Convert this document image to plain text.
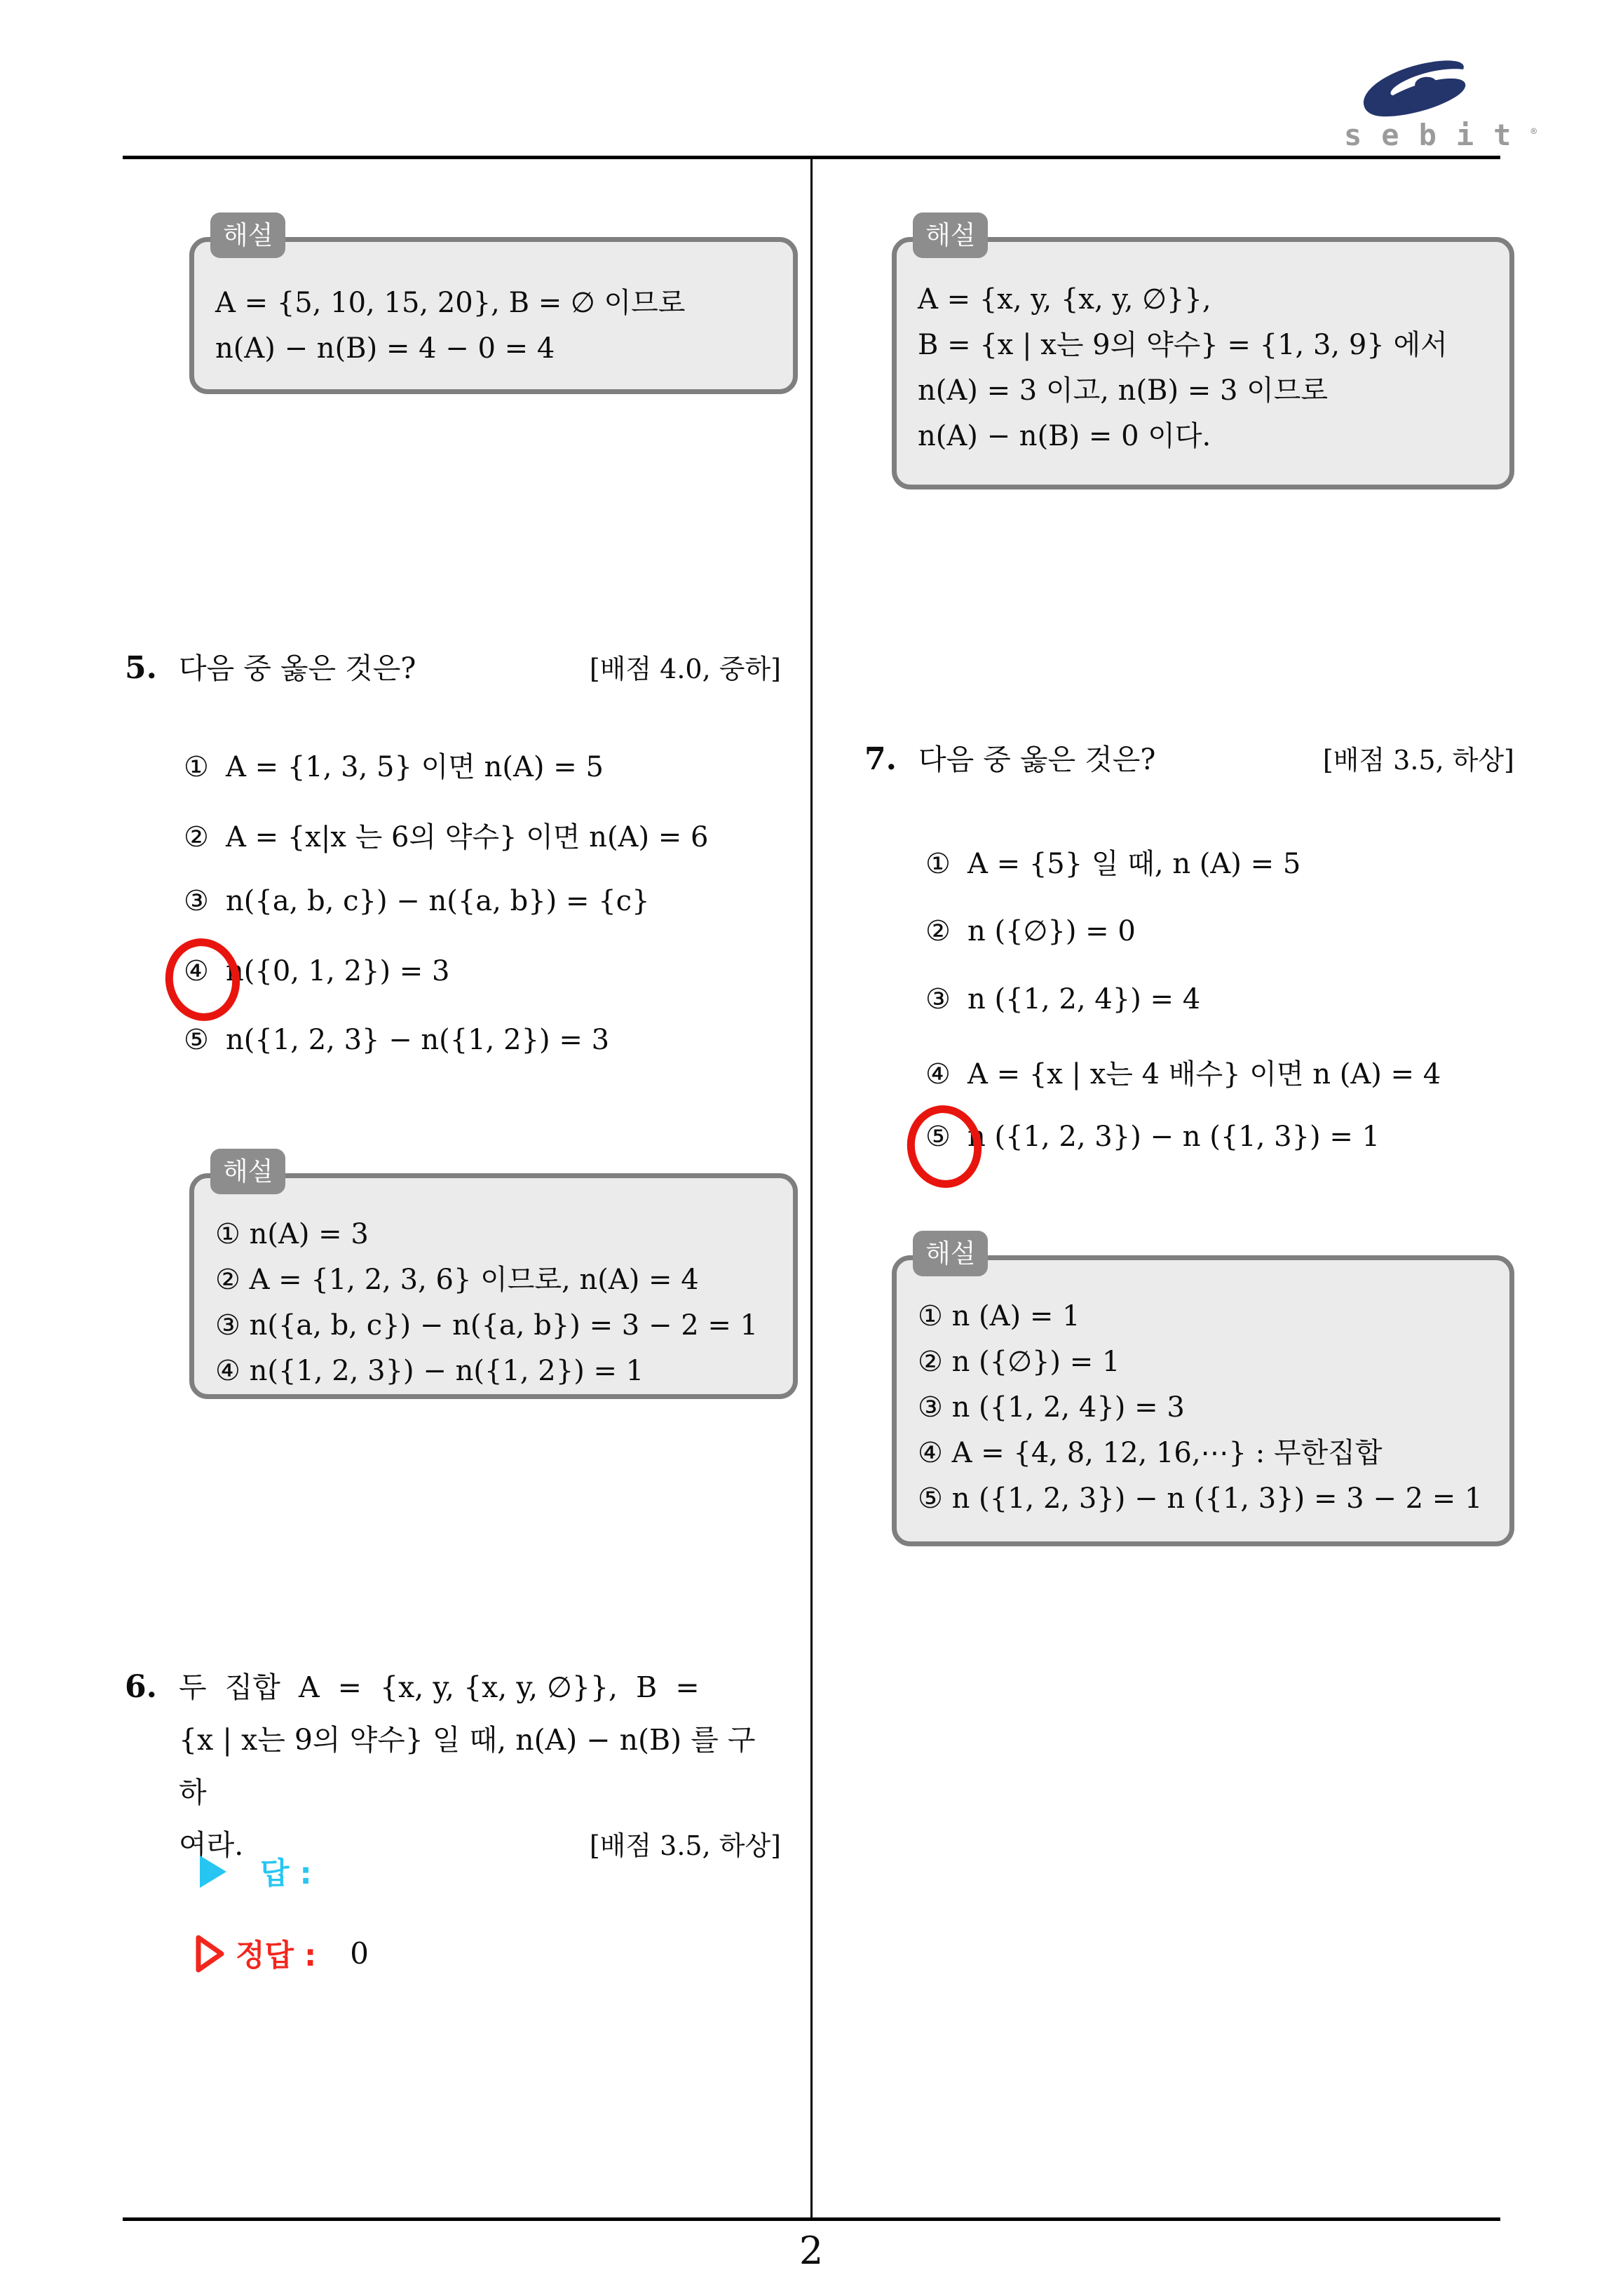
sebit®
2
해설
A = {5, 10, 15, 20}, B = ∅ 이므로
n(A) − n(B) = 4 − 0 = 4
5. 다음 중 옳은 것은?	[배점 4.0, 중하]
① A = {1, 3, 5} 이면 n(A) = 5
② A = {x|x 는 6의 약수} 이면 n(A) = 6
③ n({a, b, c}) − n({a, b}) = {c}
④ n({0, 1, 2}) = 3
⑤ n({1, 2, 3} − n({1, 2}) = 3
해설
① n(A) = 3
② A = {1, 2, 3, 6} 이므로, n(A) = 4
③ n({a, b, c}) − n({a, b}) = 3 − 2 = 1
④ n({1, 2, 3}) − n({1, 2}) = 1
6. 두  집합  A  =  {x, y, {x, y, ∅}},  B  =
{x | x는 9의 약수} 일 때, n(A) − n(B) 를 구하
여라.	[배점 3.5, 하상]
답 :
정답 : 0
해설
A = {x, y, {x, y, ∅}},
B = {x | x는 9의 약수} = {1, 3, 9} 에서
n(A) = 3 이고, n(B) = 3 이므로
n(A) − n(B) = 0 이다.
7. 다음 중 옳은 것은?	[배점 3.5, 하상]
① A = {5} 일 때, n (A) = 5
② n ({∅}) = 0
③ n ({1, 2, 4}) = 4
④ A = {x | x는 4 배수} 이면 n (A) = 4
⑤ n ({1, 2, 3}) − n ({1, 3}) = 1
해설
① n (A) = 1
② n ({∅}) = 1
③ n ({1, 2, 4}) = 3
④ A = {4, 8, 12, 16,⋯} : 무한집합
⑤ n ({1, 2, 3}) − n ({1, 3}) = 3 − 2 = 1
